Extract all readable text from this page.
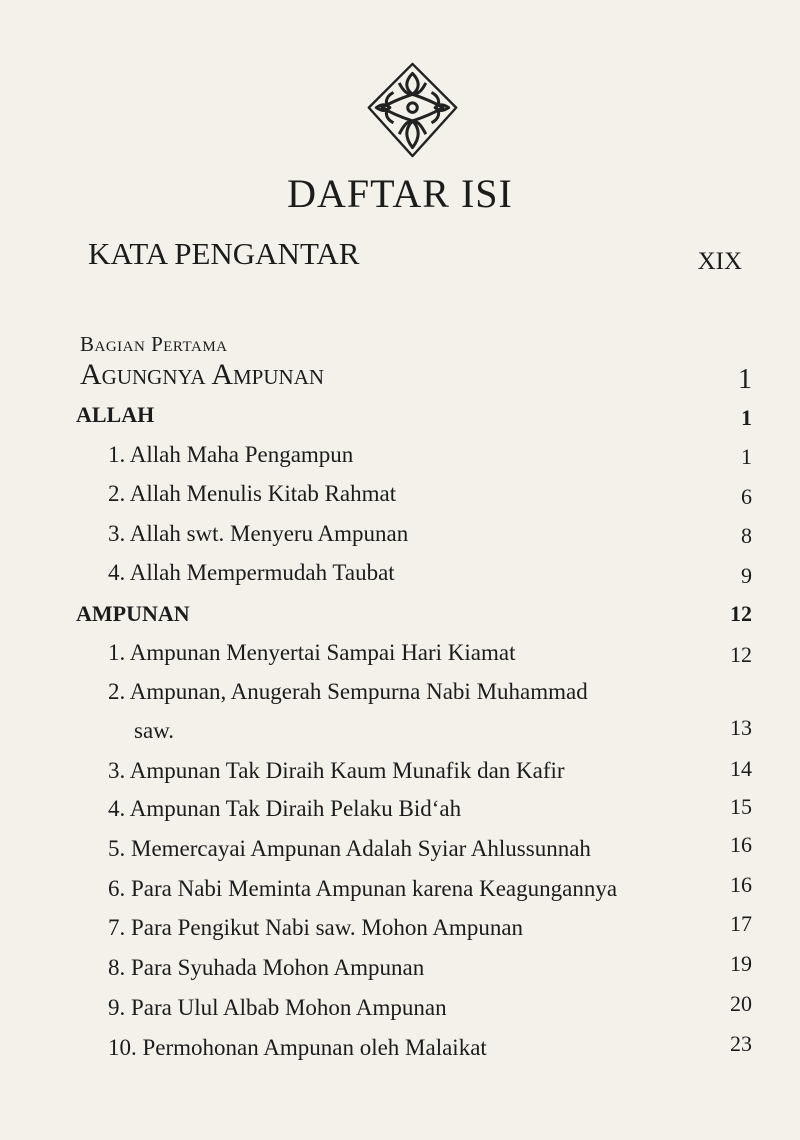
DAFTAR ISI
KATA PENGANTAR	XIX
Bagian Pertama
Agungnya Ampunan	1
ALLAH	1
1. Allah Maha Pengampun	1
2. Allah Menulis Kitab Rahmat	6
3. Allah swt. Menyeru Ampunan	8
4. Allah Mempermudah Taubat	9
AMPUNAN	12
1. Ampunan Menyertai Sampai Hari Kiamat	12
2. Ampunan, Anugerah Sempurna Nabi Muhammad
saw.	13
3. Ampunan Tak Diraih Kaum Munafik dan Kafir	14
4. Ampunan Tak Diraih Pelaku Bid‘ah	15
5. Memercayai Ampunan Adalah Syiar Ahlussunnah	16
6. Para Nabi Meminta Ampunan karena Keagungannya	16
7. Para Pengikut Nabi saw. Mohon Ampunan	17
8. Para Syuhada Mohon Ampunan	19
9. Para Ulul Albab Mohon Ampunan	20
10. Permohonan Ampunan oleh Malaikat	23
